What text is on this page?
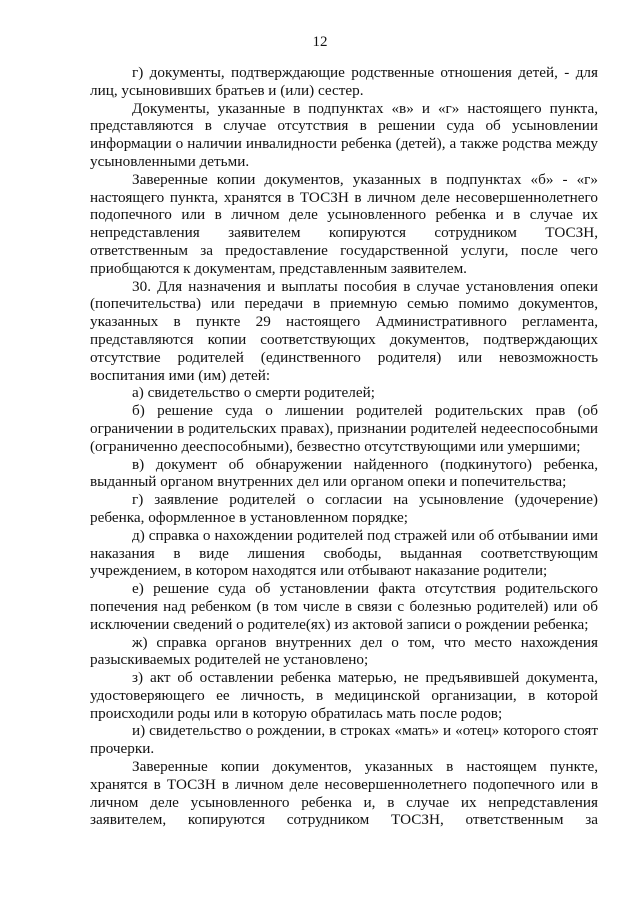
12

г) документы, подтверждающие родственные отношения детей, - для лиц, усыновивших братьев и (или) сестер.

Документы, указанные в подпунктах «в» и «г» настоящего пункта, представляются в случае отсутствия в решении суда об усыновлении информации о наличии инвалидности ребенка (детей), а также родства между усыновленными детьми.

Заверенные копии документов, указанных в подпунктах «б» - «г» настоящего пункта, хранятся в ТОСЗН в личном деле несовершеннолетнего подопечного или в личном деле усыновленного ребенка и в случае их непредставления заявителем копируются сотрудником ТОСЗН, ответственным за предоставление государственной услуги, после чего приобщаются к документам, представленным заявителем.

30. Для назначения и выплаты пособия в случае установления опеки (попечительства) или передачи в приемную семью помимо документов, указанных в пункте 29 настоящего Административного регламента, представляются копии соответствующих документов, подтверждающих отсутствие родителей (единственного родителя) или невозможность воспитания ими (им) детей:

а) свидетельство о смерти родителей;

б) решение суда о лишении родителей родительских прав (об ограничении в родительских правах), признании родителей недееспособными (ограниченно дееспособными), безвестно отсутствующими или умершими;

в) документ об обнаружении найденного (подкинутого) ребенка, выданный органом внутренних дел или органом опеки и попечительства;

г) заявление родителей о согласии на усыновление (удочерение) ребенка, оформленное в установленном порядке;

д) справка о нахождении родителей под стражей или об отбывании ими наказания в виде лишения свободы, выданная соответствующим учреждением, в котором находятся или отбывают наказание родители;

е) решение суда об установлении факта отсутствия родительского попечения над ребенком (в том числе в связи с болезнью родителей) или об исключении сведений о родителе(ях) из актовой записи о рождении ребенка;

ж) справка органов внутренних дел о том, что место нахождения разыскиваемых родителей не установлено;

з) акт об оставлении ребенка матерью, не предъявившей документа, удостоверяющего ее личность, в медицинской организации, в которой происходили роды или в которую обратилась мать после родов;

и) свидетельство о рождении, в строках «мать» и «отец» которого стоят прочерки.

Заверенные копии документов, указанных в настоящем пункте, хранятся в ТОСЗН в личном деле несовершеннолетнего подопечного или в личном деле усыновленного ребенка и, в случае их непредставления заявителем, копируются сотрудником ТОСЗН, ответственным за
